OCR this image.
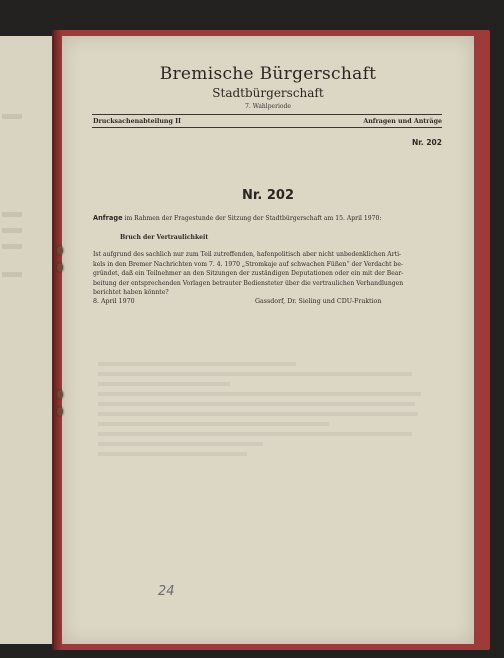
Bremische Bürgerschaft
Stadtbürgerschaft
7. Wahlperiode
Drucksachenabteilung II	Anfragen und Anträge
Nr. 202
Nr. 202
Anfrage im Rahmen der Fragestunde der Sitzung der Stadtbürgerschaft am 15. April 1970:
Bruch der Vertraulichkeit
Ist aufgrund des sachlich nur zum Teil zutreffenden, hafenpolitisch aber nicht unbedenklichen Arti-
kels in den Bremer Nachrichten vom 7. 4. 1970 „Stromkaje auf schwachen Füßen“ der Verdacht be-
gründet, daß ein Teilnehmer an den Sitzungen der zuständigen Deputationen oder ein mit der Bear-
beitung der entsprechenden Vorlagen betrauter Bediensteter über die vertraulichen Verhandlungen
berichtet haben könnte?
8. April 1970	Gassdorf, Dr. Sieling und CDU-Fraktion
24
